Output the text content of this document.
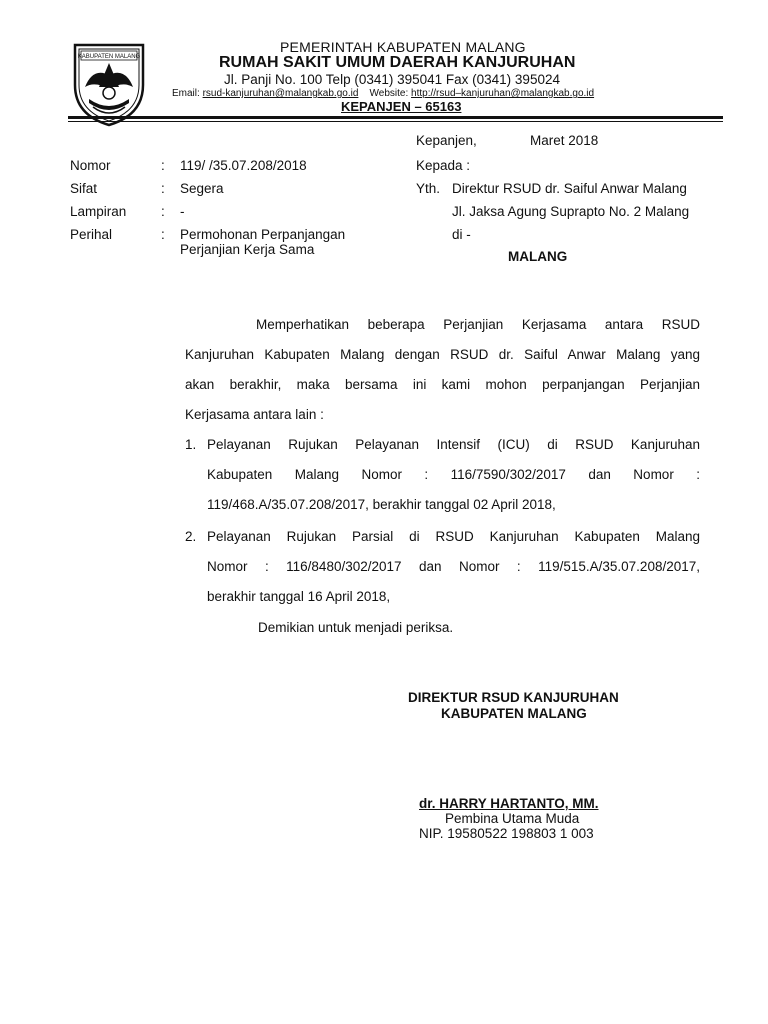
KABUPATEN MALANG
PEMERINTAH KABUPATEN MALANG
RUMAH SAKIT UMUM DAERAH KANJURUHAN
Jl. Panji No. 100 Telp (0341) 395041 Fax (0341) 395024
Email: rsud-kanjuruhan@malangkab.go.id Website: http://rsud–kanjuruhan@malangkab.go.id
KEPANJEN – 65163
Kepanjen,	Maret 2018
Nomor	: 119/ /35.07.208/2018
Sifat	: Segera
Lampiran	: -
Perihal	: Permohonan Perpanjangan
Perjanjian Kerja Sama
Kepada :
Yth. Direktur RSUD dr. Saiful Anwar Malang
Jl. Jaksa Agung Suprapto No. 2 Malang
di -
MALANG
Memperhatikan beberapa Perjanjian Kerjasama antara RSUD
Kanjuruhan Kabupaten Malang dengan RSUD dr. Saiful Anwar Malang yang
akan berakhir, maka bersama ini kami mohon perpanjangan Perjanjian
Kerjasama antara lain :
1. Pelayanan Rujukan Pelayanan Intensif (ICU) di RSUD Kanjuruhan
Kabupaten Malang Nomor : 116/7590/302/2017 dan Nomor :
119/468.A/35.07.208/2017, berakhir tanggal 02 April 2018,
2. Pelayanan Rujukan Parsial di RSUD Kanjuruhan Kabupaten Malang
Nomor : 116/8480/302/2017 dan Nomor : 119/515.A/35.07.208/2017,
berakhir tanggal 16 April 2018,
Demikian untuk menjadi periksa.
DIREKTUR RSUD KANJURUHAN
KABUPATEN MALANG
dr. HARRY HARTANTO, MM.
Pembina Utama Muda
NIP. 19580522 198803 1 003
